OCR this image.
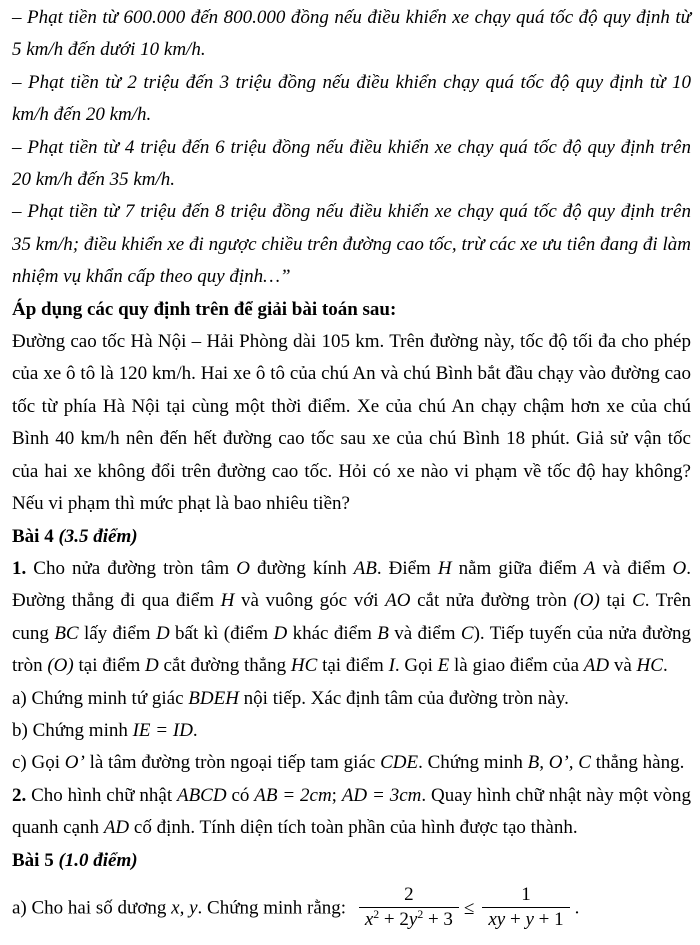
– Phạt tiền từ 600.000 đến 800.000 đồng nếu điều khiển xe chạy quá tốc độ quy định từ 5 km/h đến dưới 10 km/h.
– Phạt tiền từ 2 triệu đến 3 triệu đồng nếu điều khiển chạy quá tốc độ quy định từ 10 km/h đến 20 km/h.
– Phạt tiền từ 4 triệu đến 6 triệu đồng nếu điều khiển xe chạy quá tốc độ quy định trên 20 km/h đến 35 km/h.
– Phạt tiền từ 7 triệu đến 8 triệu đồng nếu điều khiển xe chạy quá tốc độ quy định trên 35 km/h; điều khiển xe đi ngược chiều trên đường cao tốc, trừ các xe ưu tiên đang đi làm nhiệm vụ khẩn cấp theo quy định…”
Áp dụng các quy định trên để giải bài toán sau:
Đường cao tốc Hà Nội – Hải Phòng dài 105 km. Trên đường này, tốc độ tối đa cho phép của xe ô tô là 120 km/h. Hai xe ô tô của chú An và chú Bình bắt đầu chạy vào đường cao tốc từ phía Hà Nội tại cùng một thời điểm. Xe của chú An chạy chậm hơn xe của chú Bình 40 km/h nên đến hết đường cao tốc sau xe của chú Bình 18 phút. Giả sử vận tốc của hai xe không đổi trên đường cao tốc. Hỏi có xe nào vi phạm về tốc độ hay không? Nếu vi phạm thì mức phạt là bao nhiêu tiền?
Bài 4 (3.5 điểm)
1. Cho nửa đường tròn tâm O đường kính AB. Điểm H nằm giữa điểm A và điểm O. Đường thẳng đi qua điểm H và vuông góc với AO cắt nửa đường tròn (O) tại C. Trên cung BC lấy điểm D bất kì (điểm D khác điểm B và điểm C). Tiếp tuyến của nửa đường tròn (O) tại điểm D cắt đường thẳng HC tại điểm I. Gọi E là giao điểm của AD và HC.
a) Chứng minh tứ giác BDEH nội tiếp. Xác định tâm của đường tròn này.
b) Chứng minh IE = ID.
c) Gọi O’ là tâm đường tròn ngoại tiếp tam giác CDE. Chứng minh B, O’, C thẳng hàng.
2. Cho hình chữ nhật ABCD có AB = 2cm; AD = 3cm. Quay hình chữ nhật này một vòng quanh cạnh AD cố định. Tính diện tích toàn phần của hình được tạo thành.
Bài 5 (1.0 điểm)
a) Cho hai số dương x, y. Chứng minh rằng: $\frac{2}{x^2 + 2y^2 + 3} \le \frac{1}{xy + y + 1}$ .
